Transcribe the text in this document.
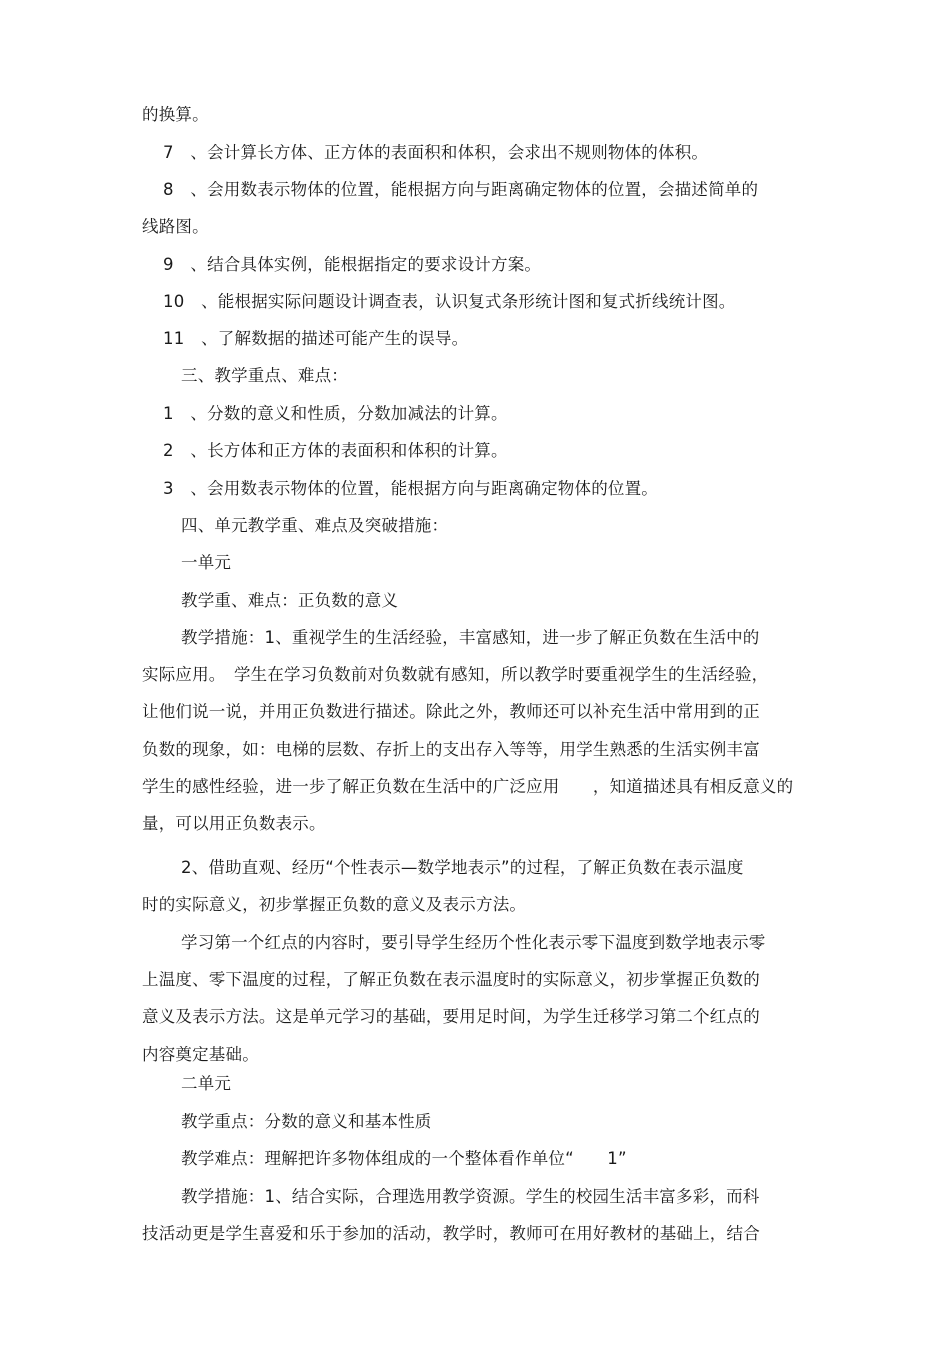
的换算。
7　、会计算长方体、正方体的表面积和体积，会求出不规则物体的体积。
8　、会用数表示物体的位置，能根据方向与距离确定物体的位置，会描述简单的
线路图。
9　、结合具体实例，能根据指定的要求设计方案。
10　、能根据实际问题设计调查表，认识复式条形统计图和复式折线统计图。
11　、了解数据的描述可能产生的误导。
三、教学重点、难点：
1　、分数的意义和性质，分数加减法的计算。
2　、长方体和正方体的表面积和体积的计算。
3　、会用数表示物体的位置，能根据方向与距离确定物体的位置。
四、单元教学重、难点及突破措施：
一单元
教学重、难点：正负数的意义
教学措施：1、重视学生的生活经验，丰富感知，进一步了解正负数在生活中的
实际应用。　学生在学习负数前对负数就有感知，所以教学时要重视学生的生活经验，
让他们说一说，并用正负数进行描述。除此之外，教师还可以补充生活中常用到的正
负数的现象，如：电梯的层数、存折上的支出存入等等，用学生熟悉的生活实例丰富
学生的感性经验，进一步了解正负数在生活中的广泛应用　　，知道描述具有相反意义的
量，可以用正负数表示。
2、借助直观、经历“个性表示—数学地表示”的过程，了解正负数在表示温度
时的实际意义，初步掌握正负数的意义及表示方法。
学习第一个红点的内容时，要引导学生经历个性化表示零下温度到数学地表示零
上温度、零下温度的过程，了解正负数在表示温度时的实际意义，初步掌握正负数的
意义及表示方法。这是单元学习的基础，要用足时间，为学生迁移学习第二个红点的
内容奠定基础。
二单元
教学重点：分数的意义和基本性质
教学难点：理解把许多物体组成的一个整体看作单位“　　1”
教学措施：1、结合实际，合理选用教学资源。学生的校园生活丰富多彩，而科
技活动更是学生喜爱和乐于参加的活动，教学时，教师可在用好教材的基础上，结合
